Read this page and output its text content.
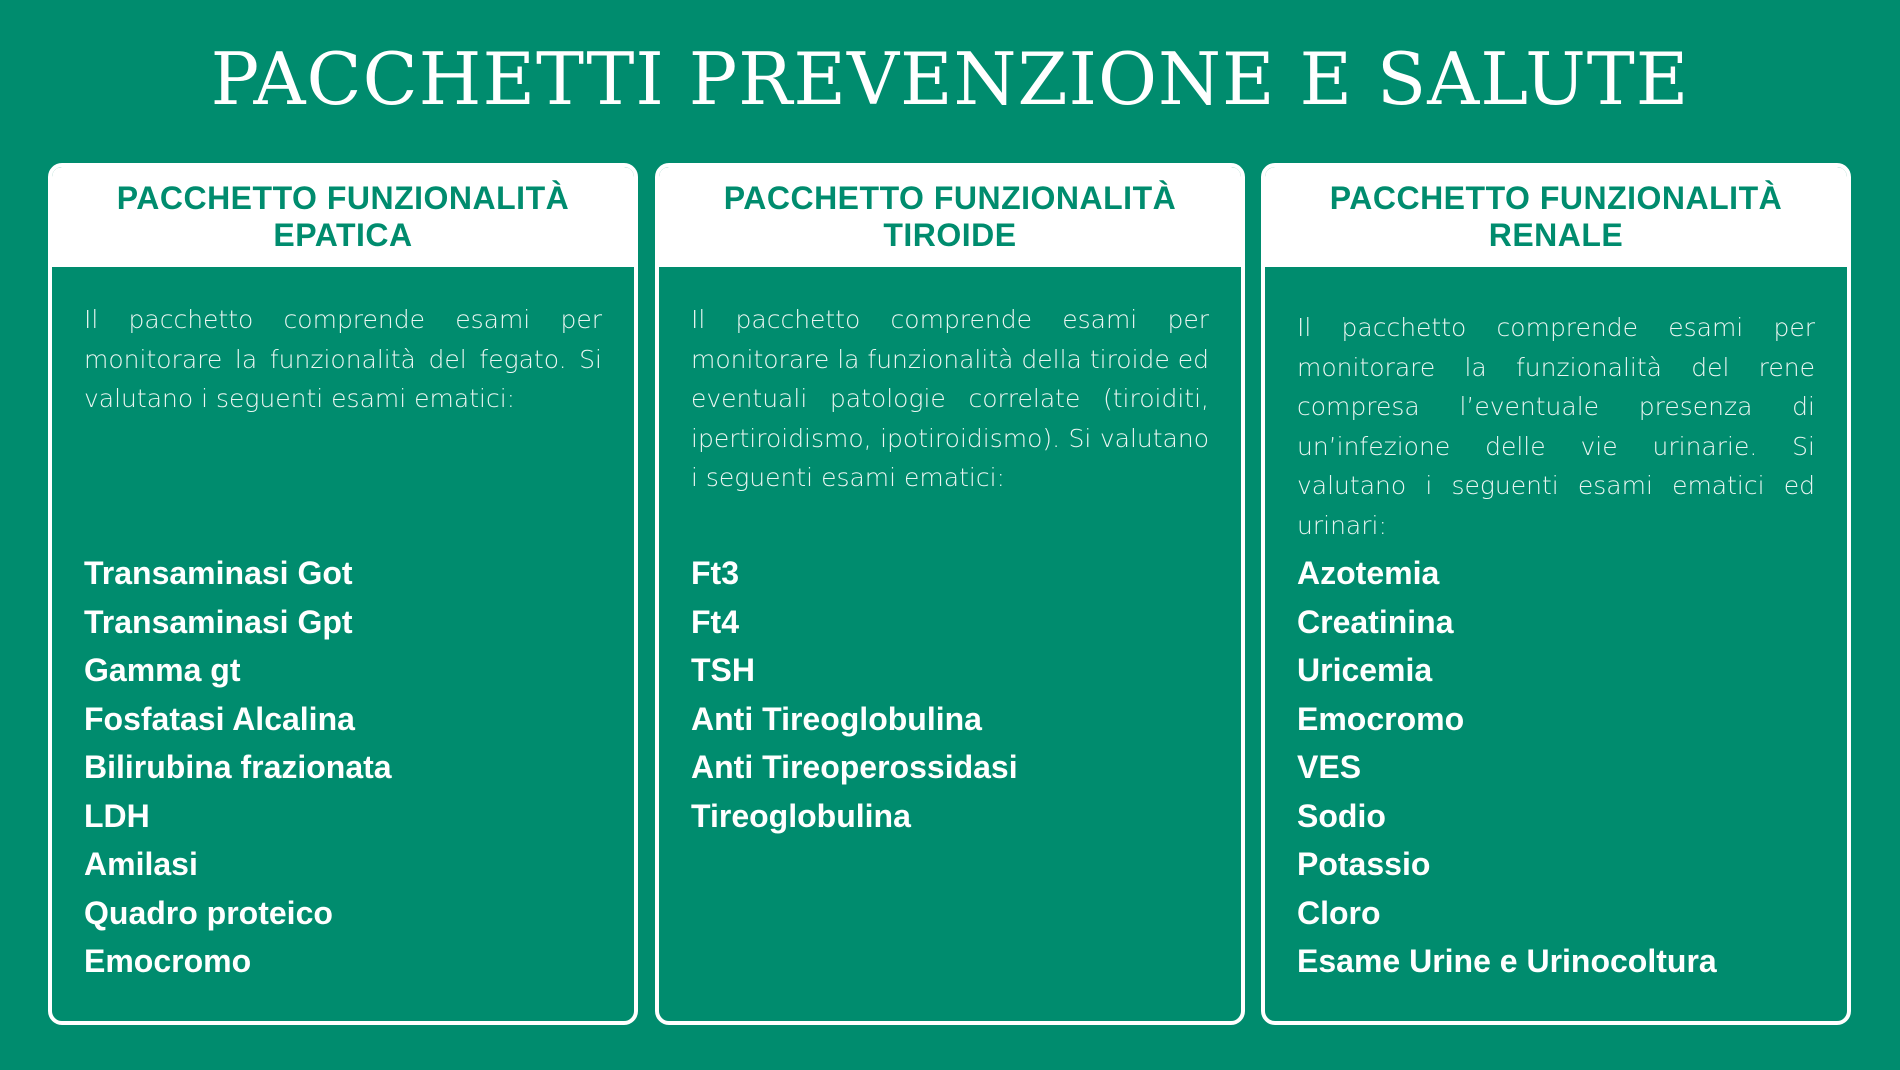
PACCHETTI PREVENZIONE E SALUTE
PACCHETTO FUNZIONALITÀ
EPATICA

Il pacchetto comprende esami per monitorare la funzionalità del fegato. Si valutano i seguenti esami ematici:

Transaminasi Got
Transaminasi Gpt
Gamma gt
Fosfatasi Alcalina
Bilirubina frazionata
LDH
Amilasi
Quadro proteico
Emocromo
PACCHETTO FUNZIONALITÀ
TIROIDE

Il pacchetto comprende esami per monitorare la funzionalità della tiroide ed eventuali patologie correlate (tiroiditi, ipertiroidismo, ipotiroidismo). Si valutano i seguenti esami ematici:

Ft3
Ft4
TSH
Anti Tireoglobulina
Anti Tireoperossidasi
Tireoglobulina
PACCHETTO FUNZIONALITÀ
RENALE

Il pacchetto comprende esami per monitorare la funzionalità del rene compresa l’eventuale presenza di un’infezione delle vie urinarie. Si valutano i seguenti esami ematici ed urinari:

Azotemia
Creatinina
Uricemia
Emocromo
VES
Sodio
Potassio
Cloro
Esame Urine e Urinocoltura
